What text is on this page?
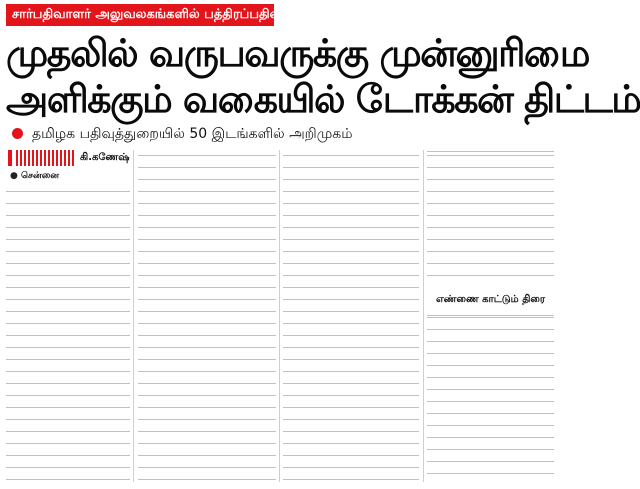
சார்பதிவாளர் அலுவலகங்களில் பத்திரப்பதிவில்
முதலில் வருபவருக்கு முன்னுரிமை
அளிக்கும் வகையில் டோக்கன் திட்டம்
தமிழக பதிவுத்துறையில் 50 இடங்களில் அறிமுகம்
கி.கணேஷ்
● சென்னை
எண்ணை காட்டும் திரை
